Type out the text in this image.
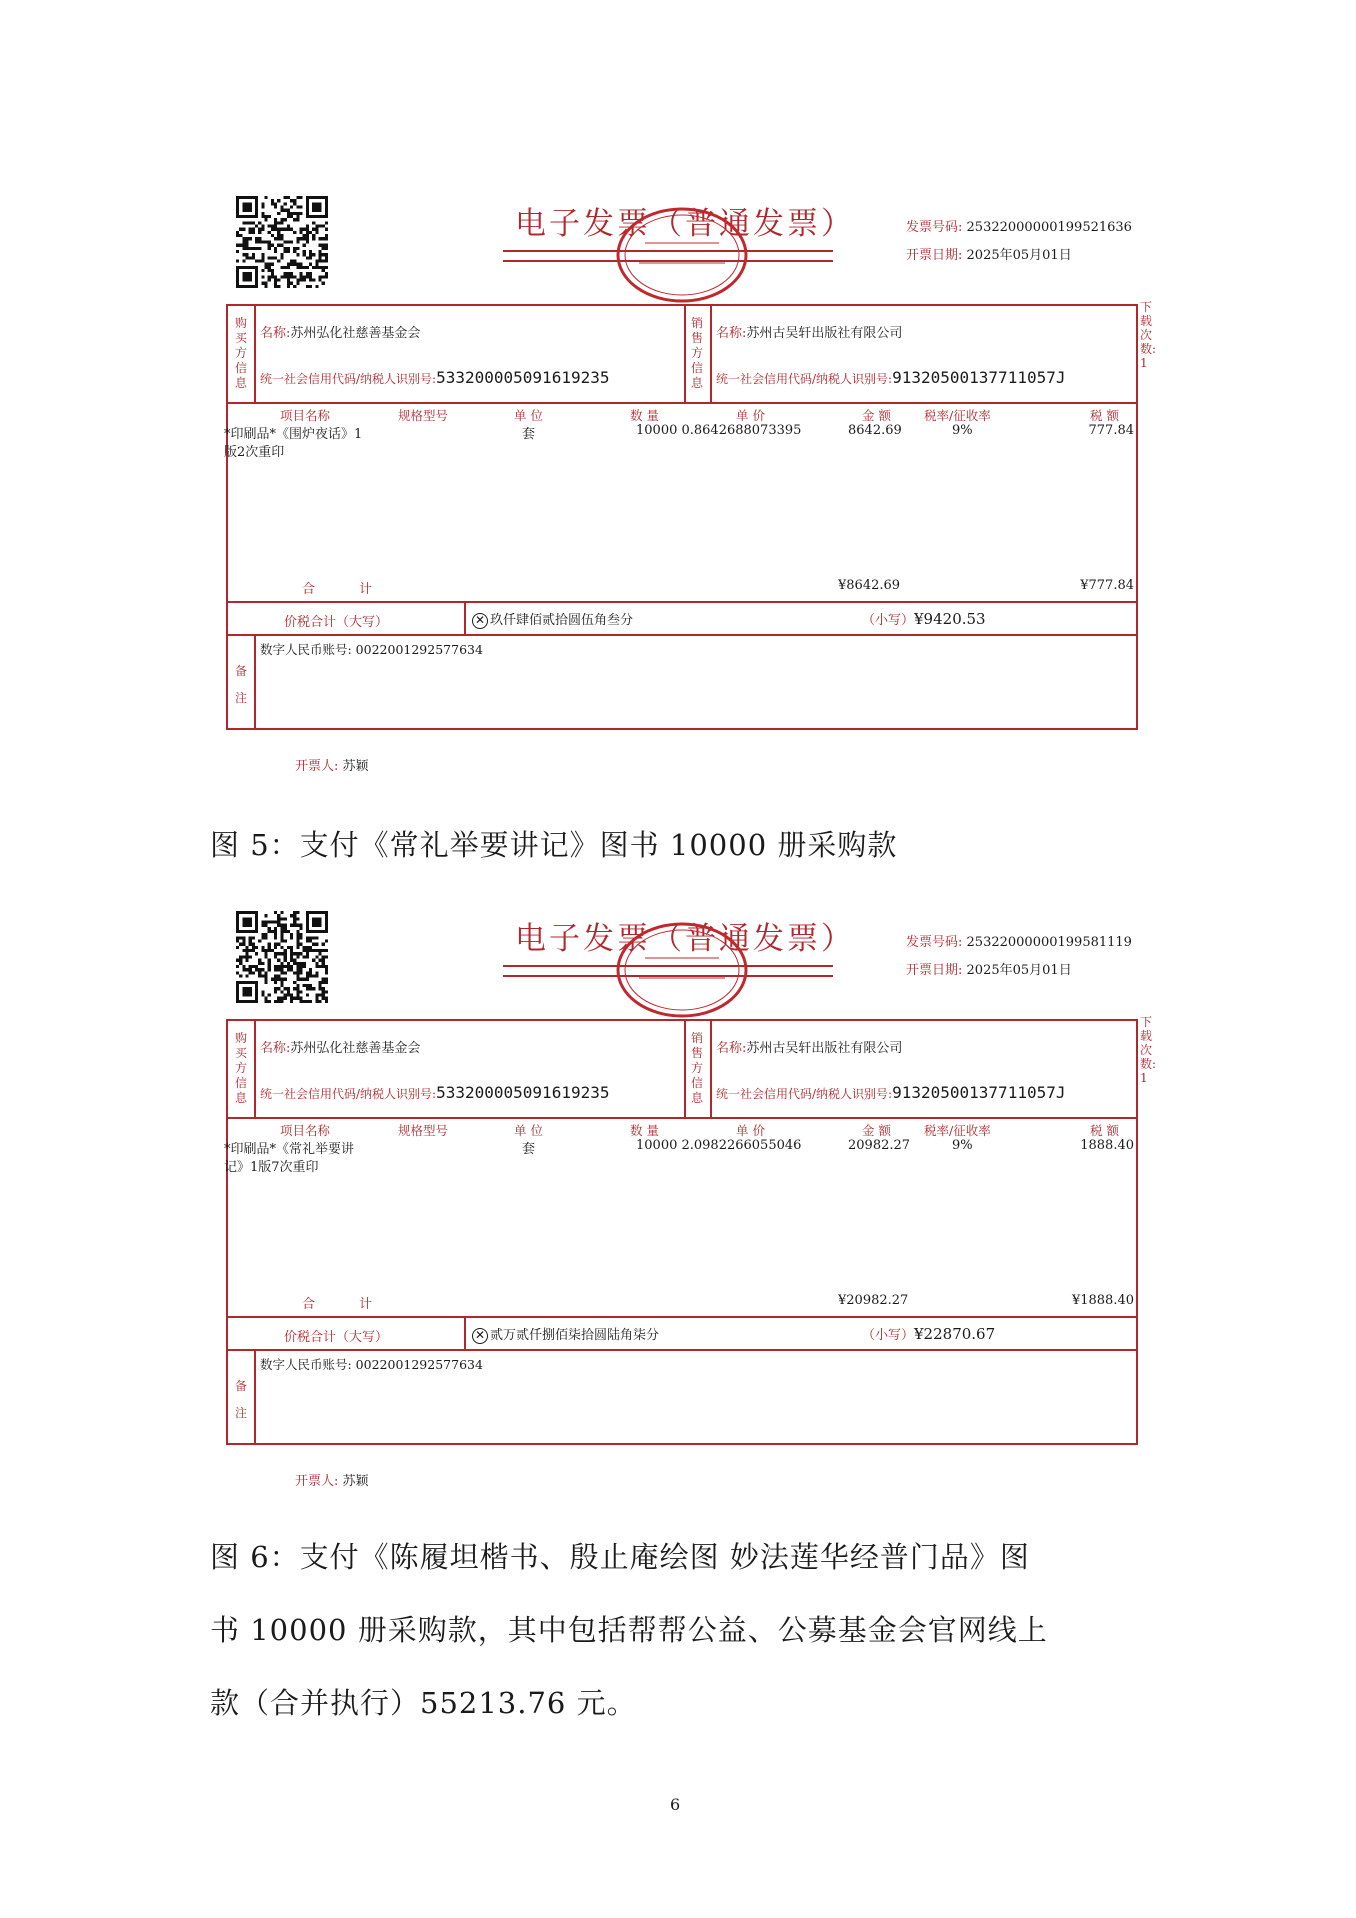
电子发票（普通发票）	发票号码: 25322000000199521636
开票日期: 2025年05月01日
下载次数: 1
购买方信息
名称:苏州弘化社慈善基金会
统一社会信用代码/纳税人识别号:53320000509161923​5
销售方信息
名称:苏州古吴轩出版社有限公司
统一社会信用代码/纳税人识别号:91320500137711057J
项目名称	规格型号	单 位	数 量	单 价	金 额	税率/征收率	税 额
*印刷品*《围炉夜话》1
版2次重印
套	10000 0.8642688073395	8642.69	9%	777.84
合 计	¥8642.69	¥777.84
价税合计（大写）	✕ 玖仟肆佰贰拾圆伍角叁分	（小写）¥9420.53
备注
数字人民币账号: 0022001292577634
开票人: 苏颖
电子发票（普通发票）	发票号码: 25322000000199581119
开票日期: 2025年05月01日
下载次数: 1
购买方信息
名称:苏州弘化社慈善基金会
统一社会信用代码/纳税人识别号:53320000509161923​5
销售方信息
名称:苏州古吴轩出版社有限公司
统一社会信用代码/纳税人识别号:91320500137711057J
项目名称	规格型号	单 位	数 量	单 价	金 额	税率/征收率	税 额
*印刷品*《常礼举要讲
记》1版7次重印
套	10000 2.0982266055046	20982.27	9%	1888.40
合 计	¥20982.27	¥1888.40
价税合计（大写）	✕ 贰万贰仟捌佰柒拾圆陆角柒分	（小写）¥22870.67
备注
数字人民币账号: 0022001292577634
开票人: 苏颖
图 5：支付《常礼举要讲记》图书 10000 册采购款
图 6：支付《陈履坦楷书、殷止庵绘图 妙法莲华经普门品》图
书 10000 册采购款，其中包括帮帮公益、公募基金会官网线上
款（合并执行）55213.76 元。
6
